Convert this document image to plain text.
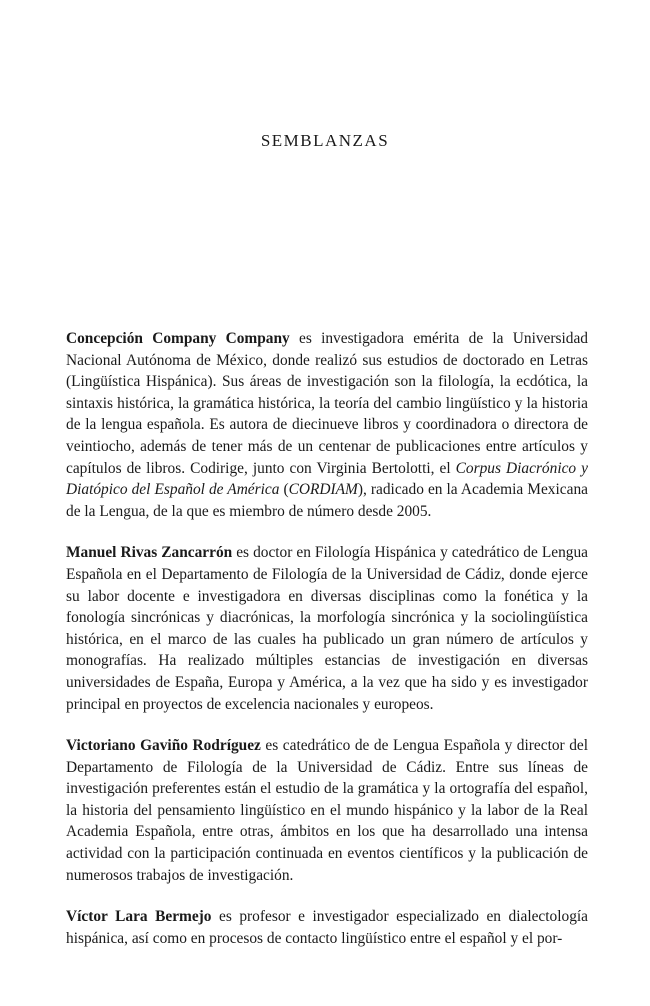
SEMBLANZAS

Concepción Company Company es investigadora emérita de la Universidad Nacional Autónoma de México, donde realizó sus estudios de doctorado en Letras (Lingüística Hispánica). Sus áreas de investigación son la filología, la ecdótica, la sintaxis histórica, la gramática histórica, la teoría del cambio lingüístico y la historia de la lengua española. Es autora de diecinueve libros y coordinadora o directora de veintiocho, además de tener más de un centenar de publicaciones entre artículos y capítulos de libros. Codirige, junto con Virginia Bertolotti, el Corpus Diacrónico y Diatópico del Español de América (CORDIAM), radicado en la Academia Mexicana de la Lengua, de la que es miembro de número desde 2005.

Manuel Rivas Zancarrón es doctor en Filología Hispánica y catedrático de Lengua Española en el Departamento de Filología de la Universidad de Cádiz, donde ejerce su labor docente e investigadora en diversas disciplinas como la fonética y la fonología sincrónicas y diacrónicas, la morfología sincrónica y la sociolingüística histórica, en el marco de las cuales ha publicado un gran número de artículos y monografías. Ha realizado múltiples estancias de investigación en diversas universidades de España, Europa y América, a la vez que ha sido y es investigador principal en proyectos de excelencia nacionales y europeos.

Victoriano Gaviño Rodríguez es catedrático de de Lengua Española y director del Departamento de Filología de la Universidad de Cádiz. Entre sus líneas de investigación preferentes están el estudio de la gramática y la ortografía del español, la historia del pensamiento lingüístico en el mundo hispánico y la labor de la Real Academia Española, entre otras, ámbitos en los que ha desarrollado una intensa actividad con la participación continuada en eventos científicos y la publicación de numerosos trabajos de investigación.

Víctor Lara Bermejo es profesor e investigador especializado en dialectología hispánica, así como en procesos de contacto lingüístico entre el español y el por-
